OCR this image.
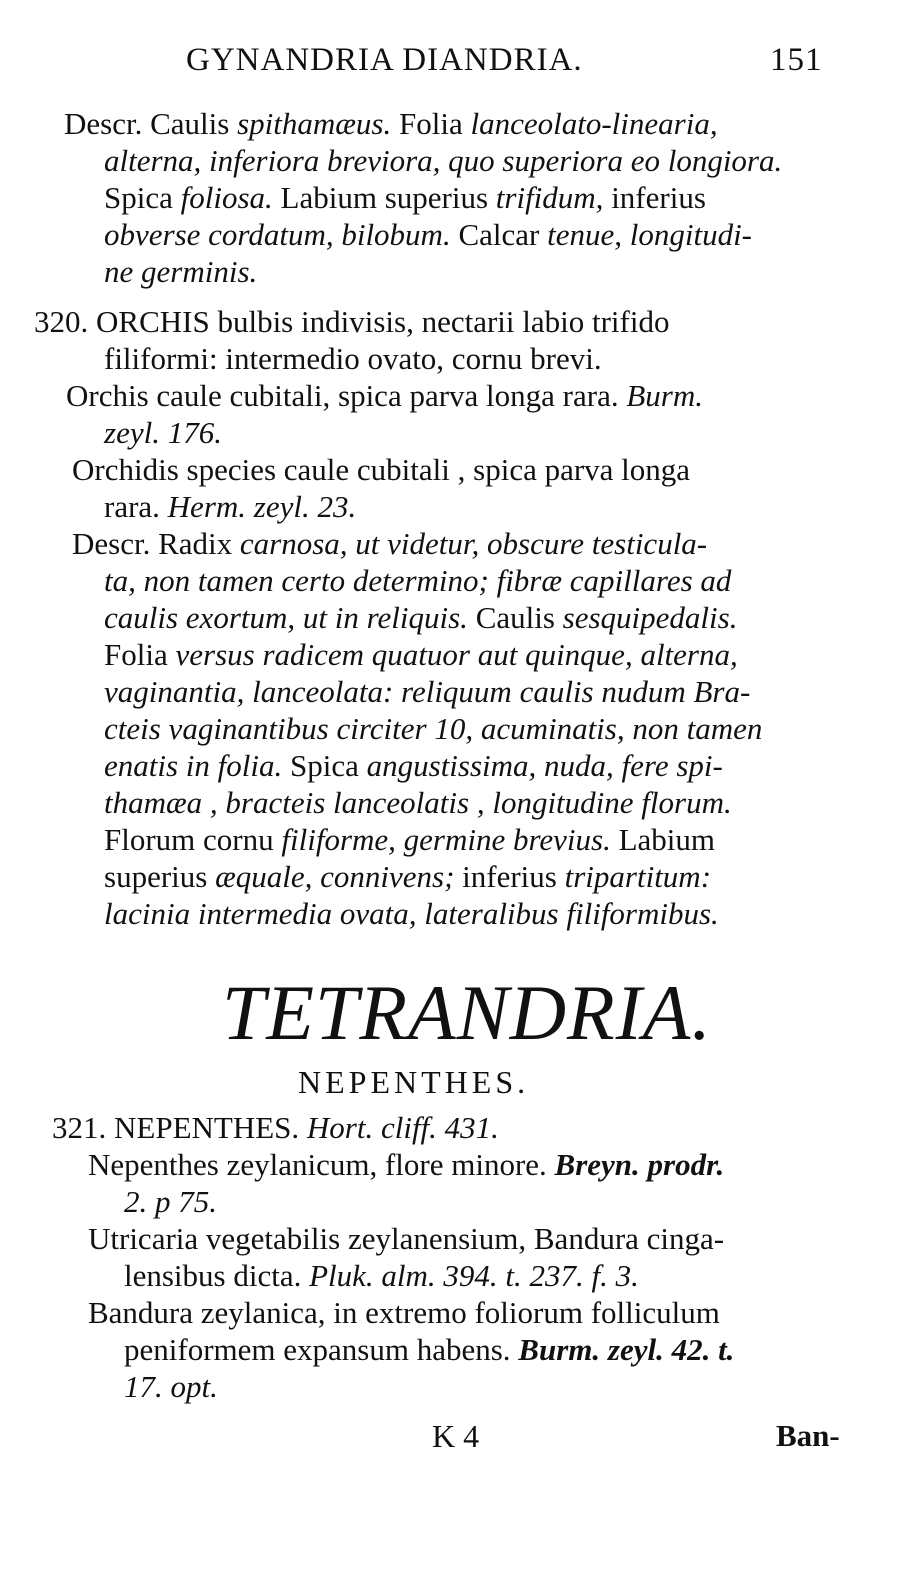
GYNANDRIA DIANDRIA.	151
Descr. Caulis spithamæus. Folia lanceolato-linearia,
alterna, inferiora breviora, quo superiora eo longiora.
Spica foliosa. Labium superius trifidum, inferius
obverse cordatum, bilobum. Calcar tenue, longitudi-
ne germinis.
320. ORCHIS bulbis indivisis, nectarii labio trifido
filiformi: intermedio ovato, cornu brevi.
Orchis caule cubitali, spica parva longa rara. Burm.
zeyl. 176.
Orchidis species caule cubitali , spica parva longa
rara. Herm. zeyl. 23.
Descr. Radix carnosa, ut videtur, obscure testicula-
ta, non tamen certo determino; fibræ capillares ad
caulis exortum, ut in reliquis. Caulis sesquipedalis.
Folia versus radicem quatuor aut quinque, alterna,
vaginantia, lanceolata: reliquum caulis nudum Bra-
cteis vaginantibus circiter 10, acuminatis, non tamen
enatis in folia. Spica angustissima, nuda, fere spi-
thamæa , bracteis lanceolatis , longitudine florum.
Florum cornu filiforme, germine brevius. Labium
superius æquale, connivens; inferius tripartitum:
lacinia intermedia ovata, lateralibus filiformibus.
TETRANDRIA.
NEPENTHES.
321. NEPENTHES. Hort. cliff. 431.
Nepenthes zeylanicum, flore minore. Breyn. prodr.
2. p 75.
Utricaria vegetabilis zeylanensium, Bandura cinga-
lensibus dicta. Pluk. alm. 394. t. 237. f. 3.
Bandura zeylanica, in extremo foliorum folliculum
peniformem expansum habens. Burm. zeyl. 42. t.
17. opt.
K 4	Ban-
